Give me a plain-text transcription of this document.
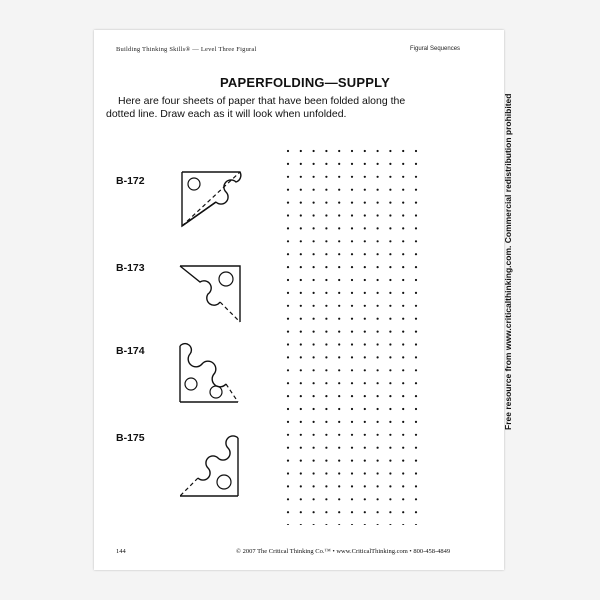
Building Thinking Skills® — Level Three Figural	Figural Sequences
PAPERFOLDING—SUPPLY
Here are four sheets of paper that have been folded along the dotted line. Draw each as it will look when unfolded.
B-172
B-173
B-174
B-175
Free resource from www.criticalthinking.com. Commercial redistribution prohibited
144	© 2007 The Critical Thinking Co.™ • www.CriticalThinking.com • 800-458-4849
